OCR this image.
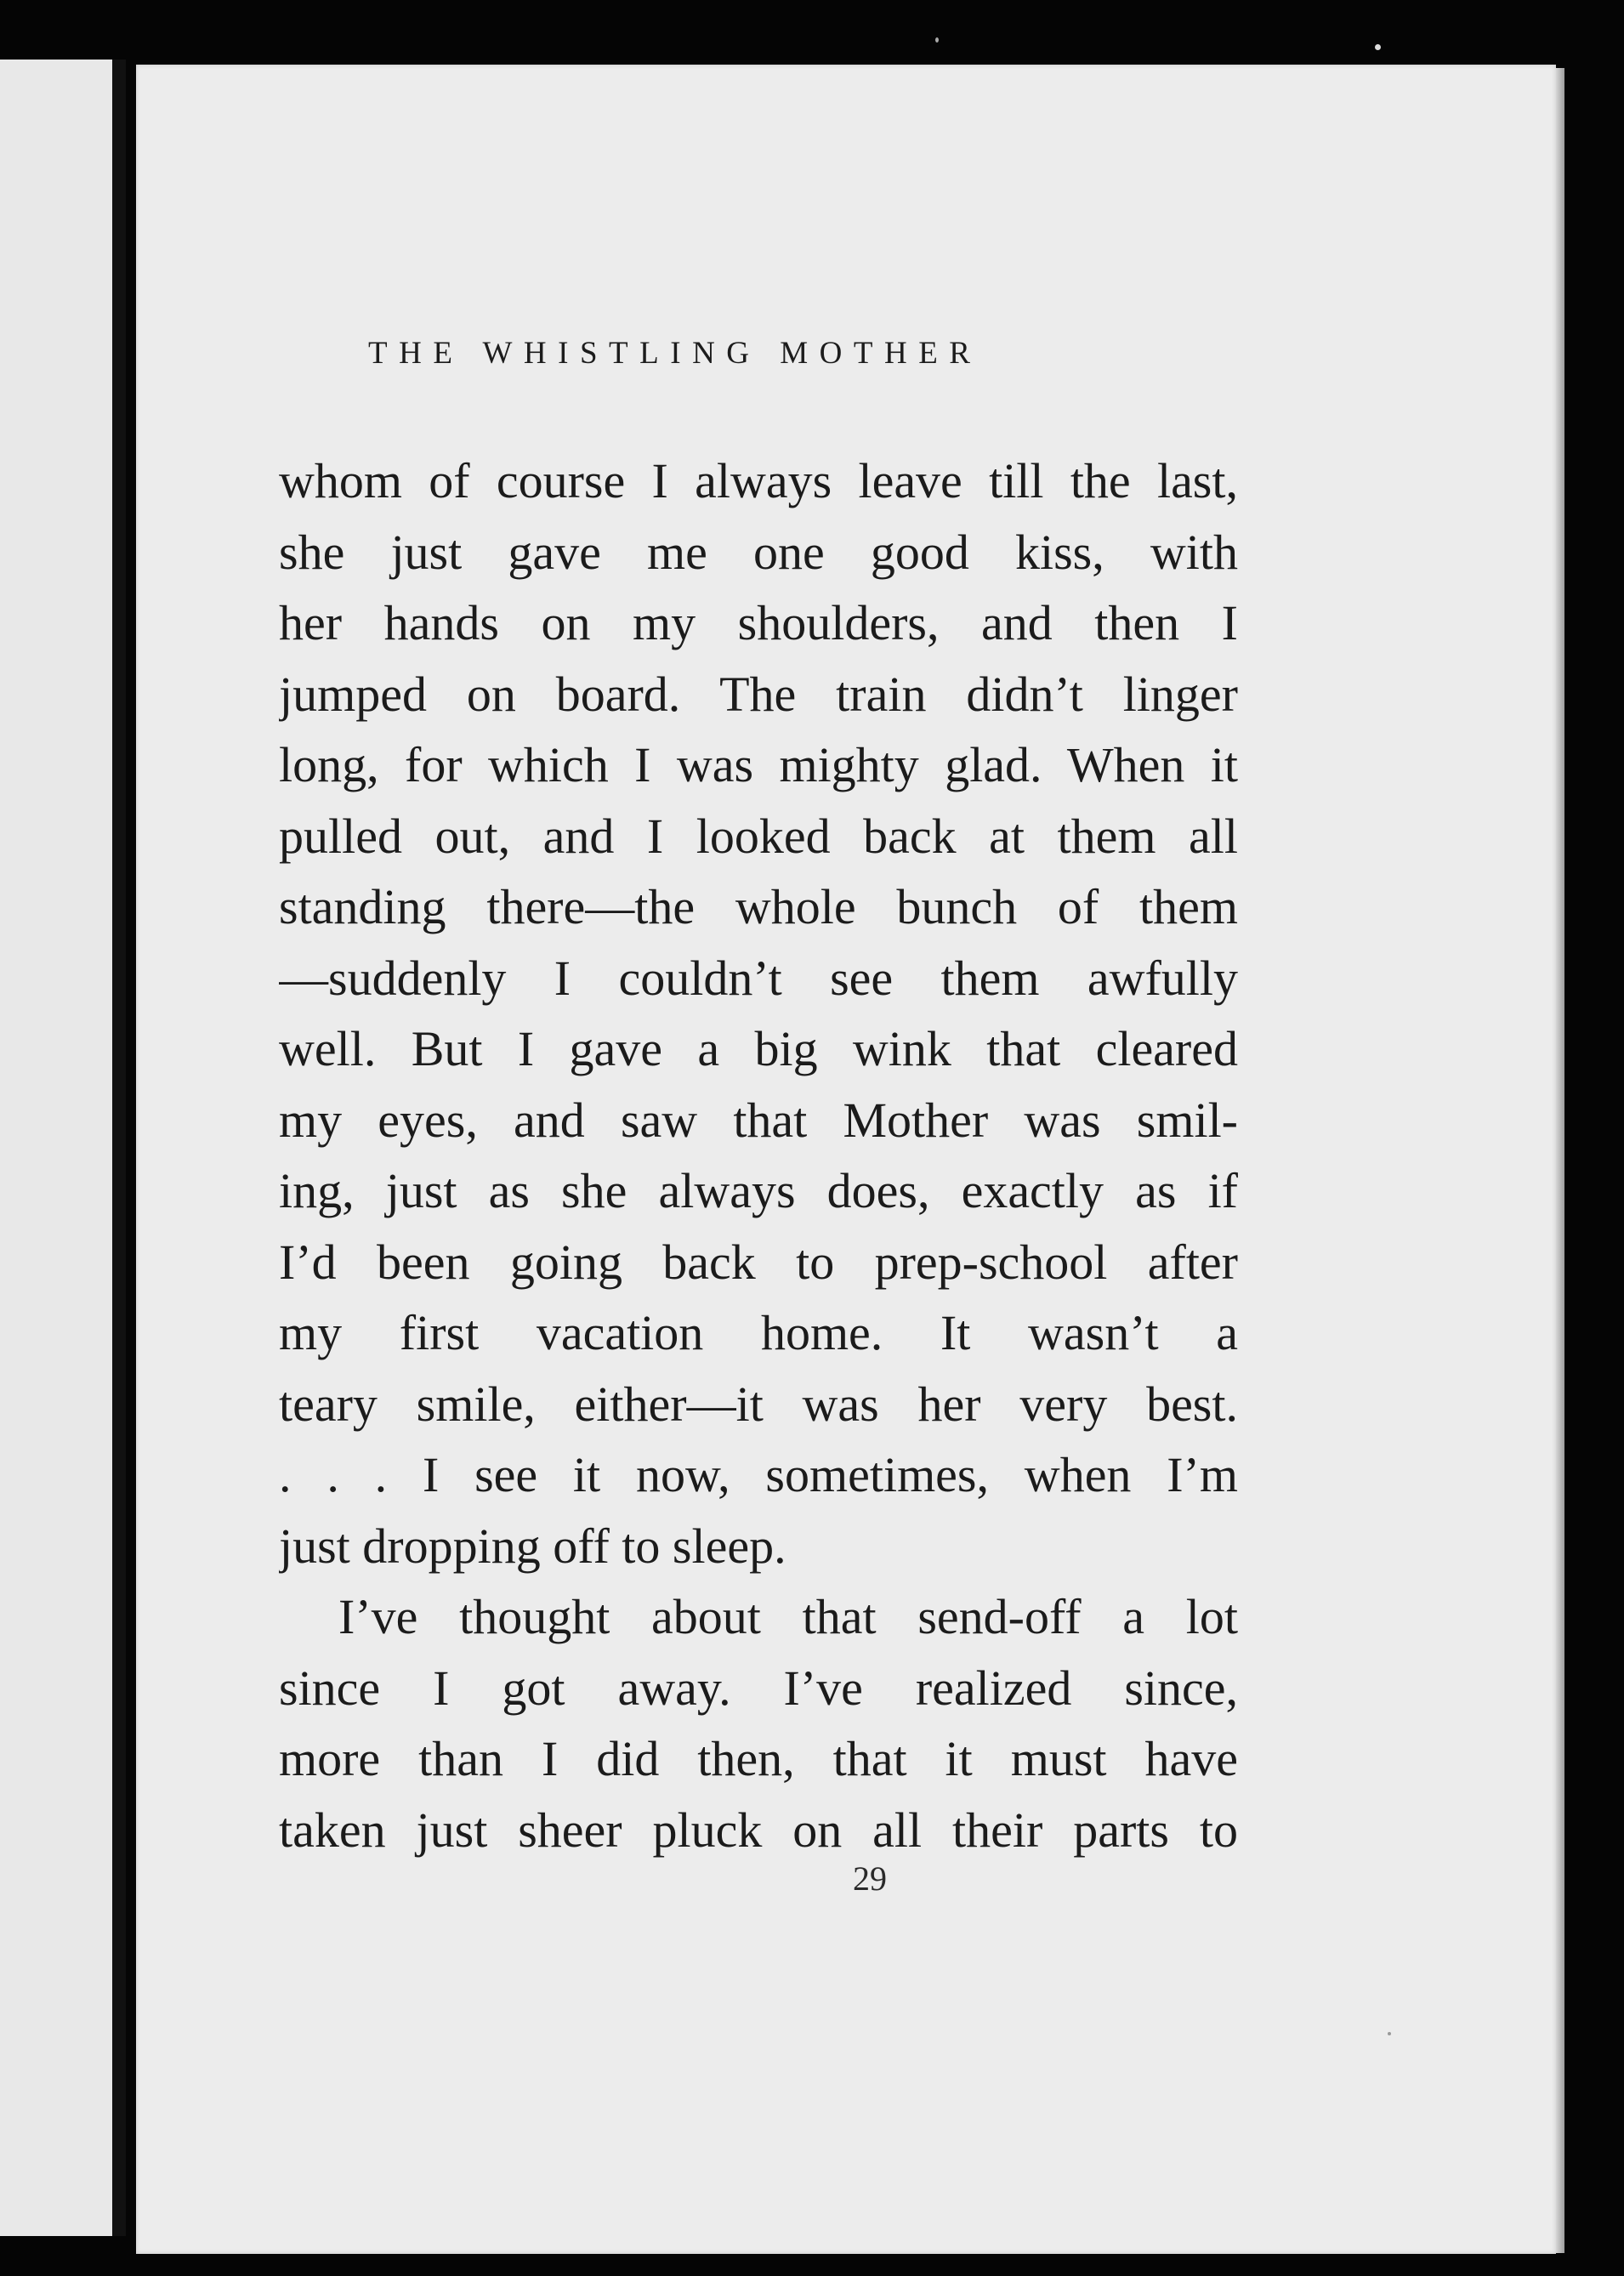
THE WHISTLING MOTHER
whom of course I always leave till the last,
she just gave me one good kiss, with
her hands on my shoulders, and then I
jumped on board. The train didn’t linger
long, for which I was mighty glad. When it
pulled out, and I looked back at them all
standing there—the whole bunch of them
—suddenly I couldn’t see them awfully
well. But I gave a big wink that cleared
my eyes, and saw that Mother was smil-
ing, just as she always does, exactly as if
I’d been going back to prep-school after
my first vacation home. It wasn’t a
teary smile, either—it was her very best.
. . . I see it now, sometimes, when I’m
just dropping off to sleep.
I’ve thought about that send-off a lot
since I got away. I’ve realized since,
more than I did then, that it must have
taken just sheer pluck on all their parts to
29
